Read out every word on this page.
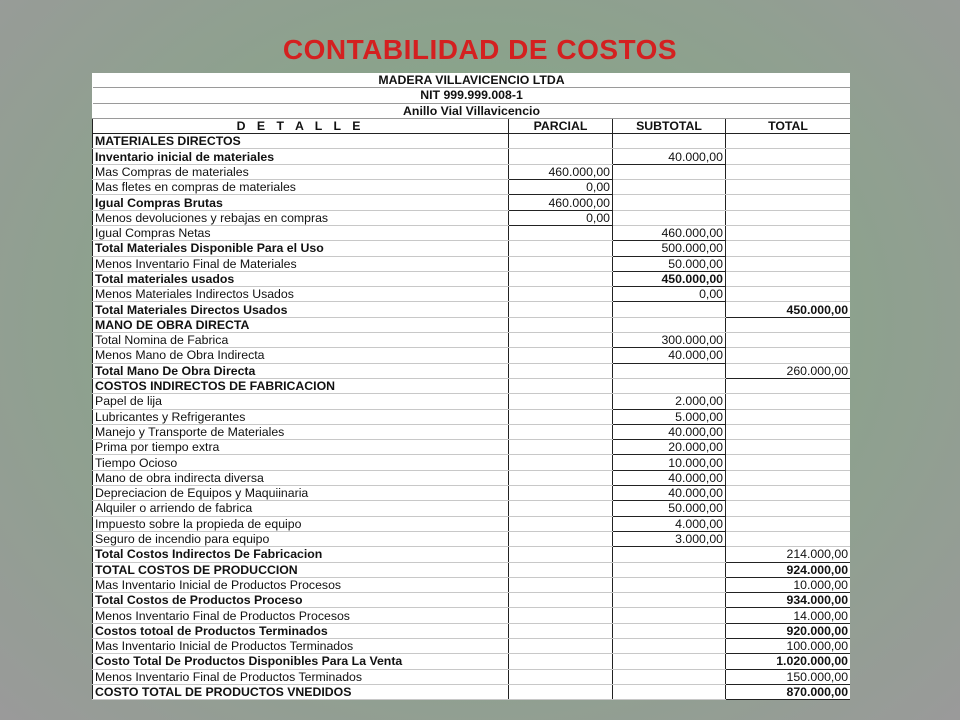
CONTABILIDAD DE COSTOS
MADERA VILLAVICENCIO LTDA			
NIT 999.999.008-1			
Anillo Vial Villavicencio			
D E T A L L E	PARCIAL	SUBTOTAL	TOTAL
MATERIALES DIRECTOS			
Inventario inicial de materiales		40.000,00	
Mas Compras de materiales	460.000,00		
Mas fletes en compras de materiales	0,00		
Igual Compras Brutas	460.000,00		
Menos devoluciones y rebajas en compras	0,00		
Igual Compras Netas		460.000,00	
Total Materiales Disponible Para el Uso		500.000,00	
Menos Inventario Final de Materiales		50.000,00	
Total materiales usados		450.000,00	
Menos Materiales Indirectos Usados		0,00	
Total Materiales Directos Usados			450.000,00
MANO DE OBRA DIRECTA			
Total Nomina de Fabrica		300.000,00	
Menos Mano de Obra Indirecta		40.000,00	
Total Mano De Obra Directa			260.000,00
COSTOS INDIRECTOS DE FABRICACION			
Papel de lija		2.000,00	
Lubricantes y Refrigerantes		5.000,00	
Manejo y Transporte de Materiales		40.000,00	
Prima por tiempo extra		20.000,00	
Tiempo Ocioso		10.000,00	
Mano de obra indirecta diversa		40.000,00	
Depreciacion de Equipos y Maquiinaria		40.000,00	
Alquiler o arriendo de fabrica		50.000,00	
Impuesto sobre la propieda de equipo		4.000,00	
Seguro de incendio para equipo		3.000,00	
Total Costos Indirectos De Fabricacion			214.000,00
TOTAL COSTOS DE PRODUCCION			924.000,00
Mas Inventario Inicial de Productos Procesos			10.000,00
Total Costos de Productos Proceso			934.000,00
Menos Inventario Final de Productos Procesos			14.000,00
Costos totoal de Productos Terminados			920.000,00
Mas Inventario Inicial de Productos Terminados			100.000,00
Costo Total De Productos Disponibles Para La Venta			1.020.000,00
Menos Inventario Final de Productos Terminados			150.000,00
COSTO TOTAL DE PRODUCTOS VNEDIDOS			870.000,00
